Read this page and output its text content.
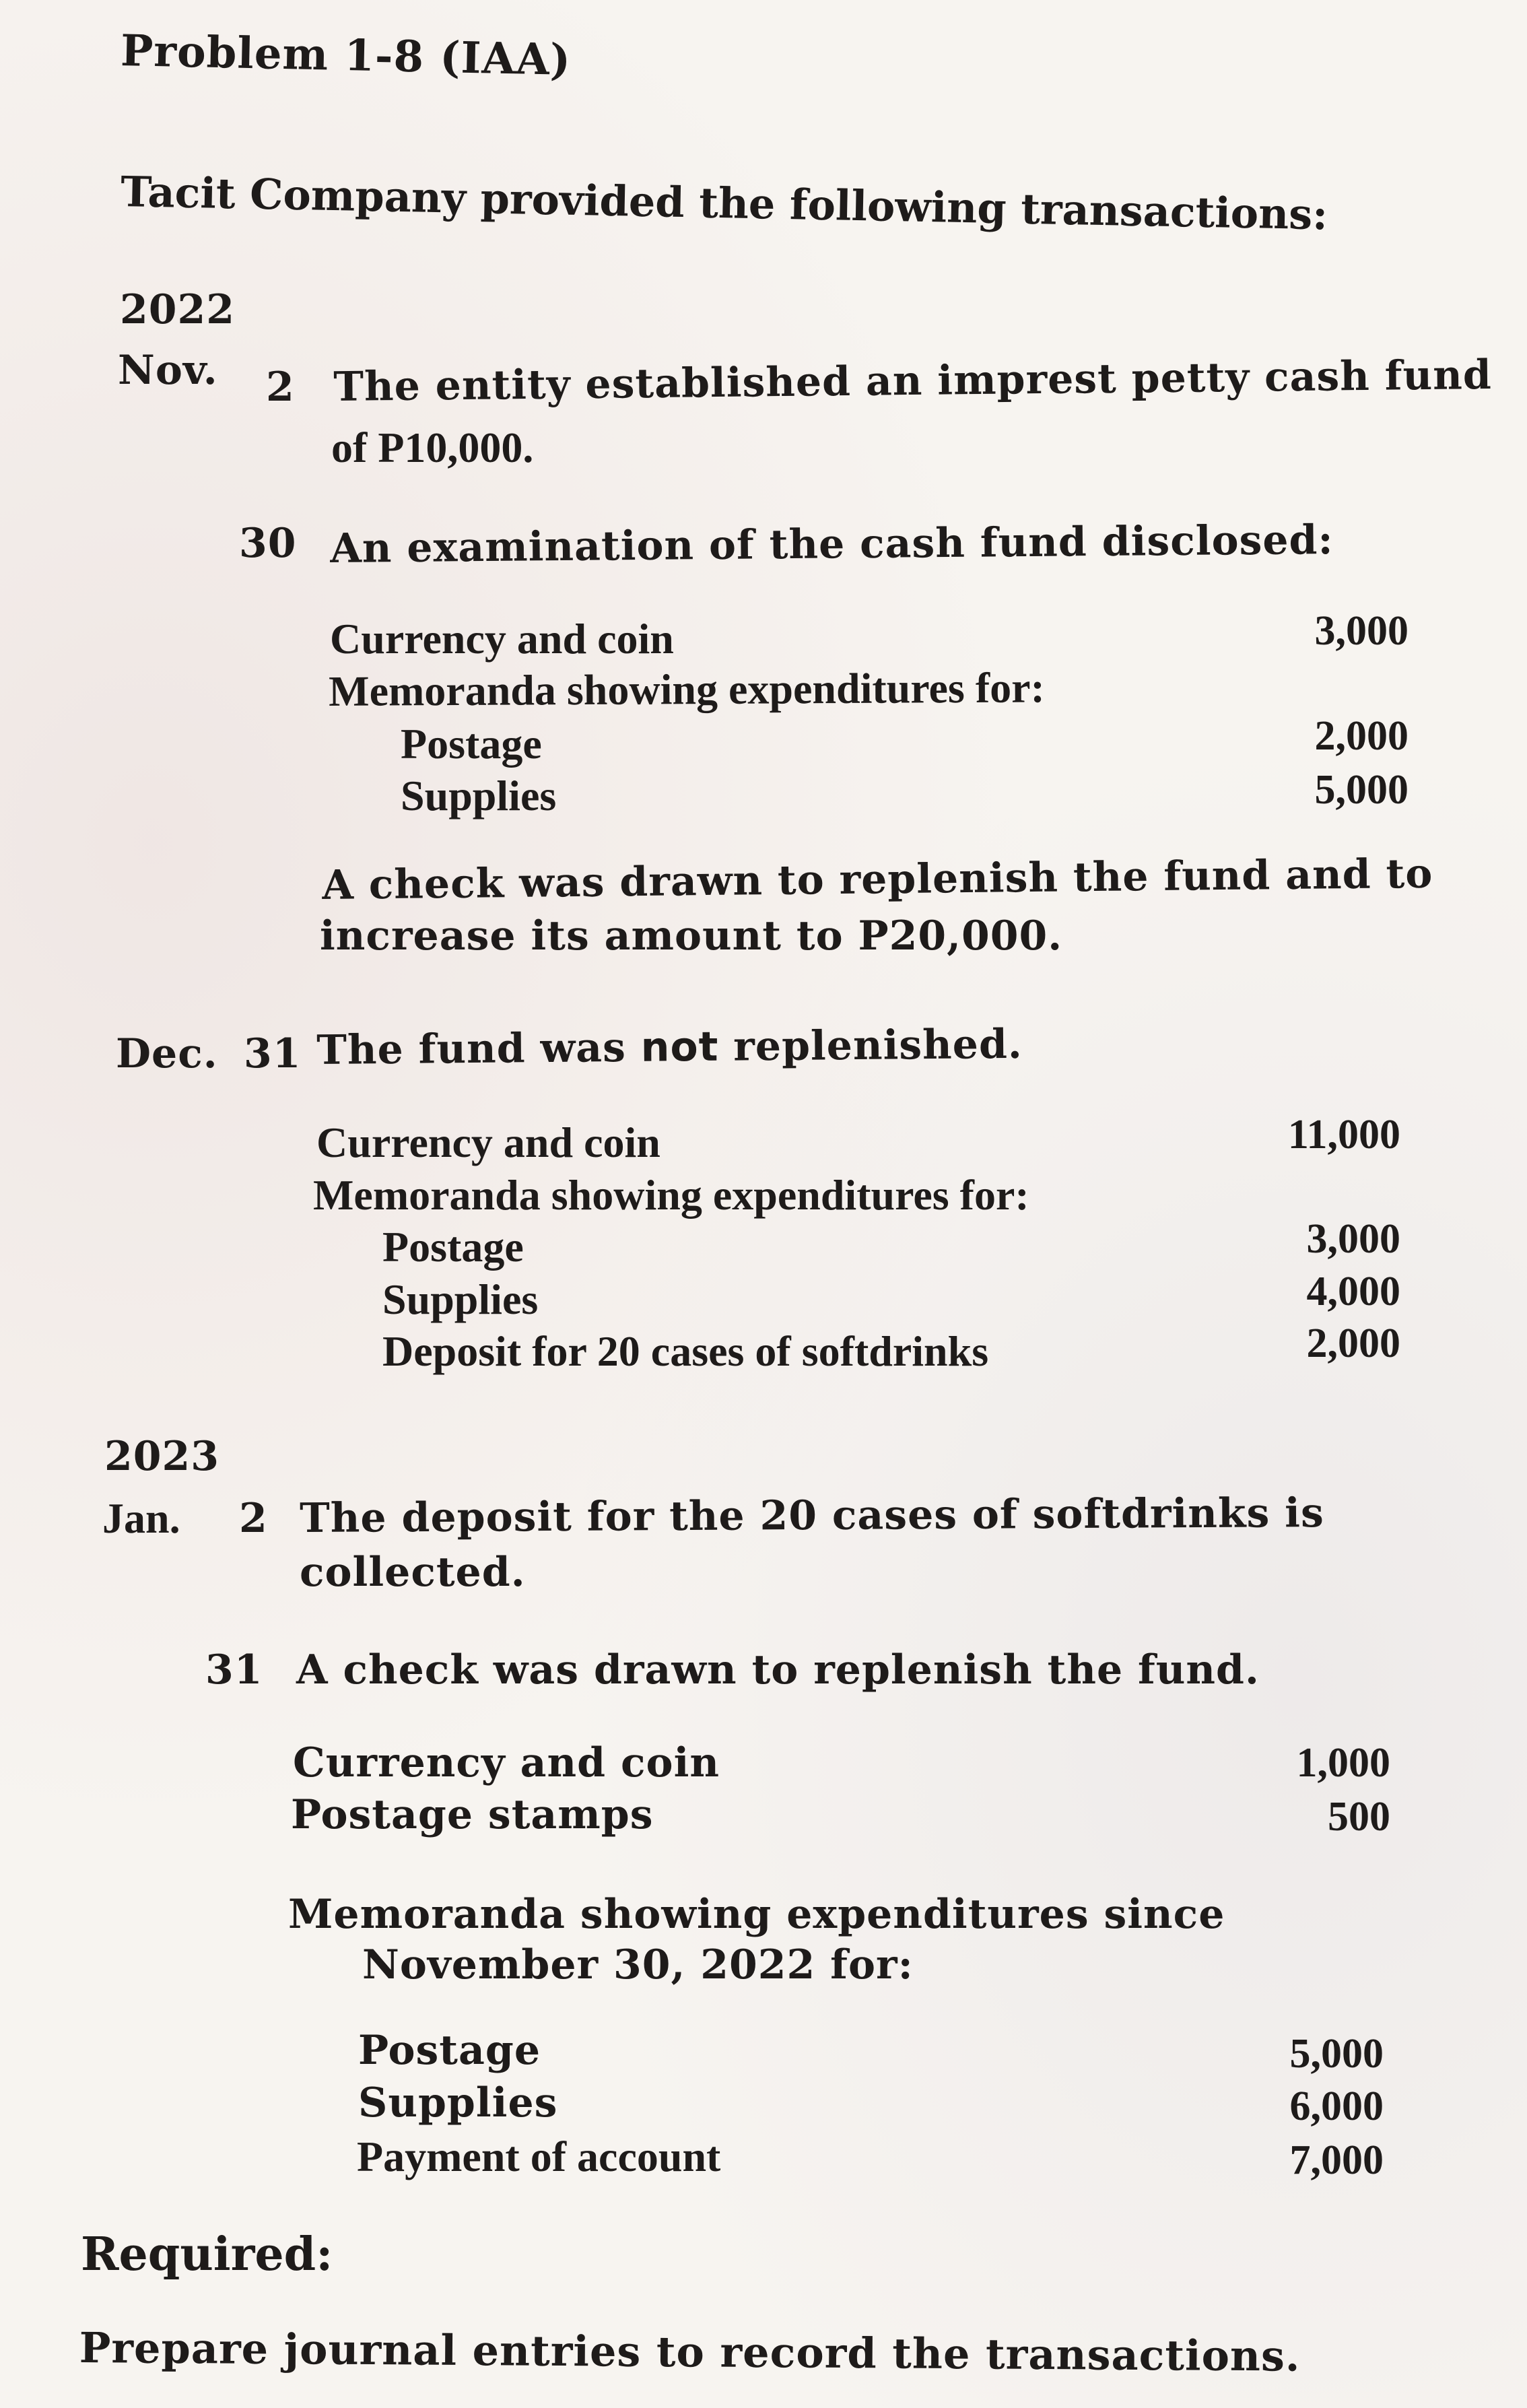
Problem 1-8 (IAA)
Tacit Company provided the following transactions:
2022
Nov. 2 The entity established an imprest petty cash fund
of P10,000.
30 An examination of the cash fund disclosed:
Currency and coin	3,000
Memoranda showing expenditures for:
Postage	2,000
Supplies	5,000
A check was drawn to replenish the fund and to
increase its amount to P20,000.
Dec. 31 The fund was not replenished.
Currency and coin	11,000
Memoranda showing expenditures for:
Postage	3,000
Supplies	4,000
Deposit for 20 cases of softdrinks	2,000
2023
Jan. 2 The deposit for the 20 cases of softdrinks is
collected.
31 A check was drawn to replenish the fund.
Currency and coin	1,000
Postage stamps	500
Memoranda showing expenditures since
November 30, 2022 for:
Postage	5,000
Supplies	6,000
Payment of account	7,000
Required:
Prepare journal entries to record the transactions.
